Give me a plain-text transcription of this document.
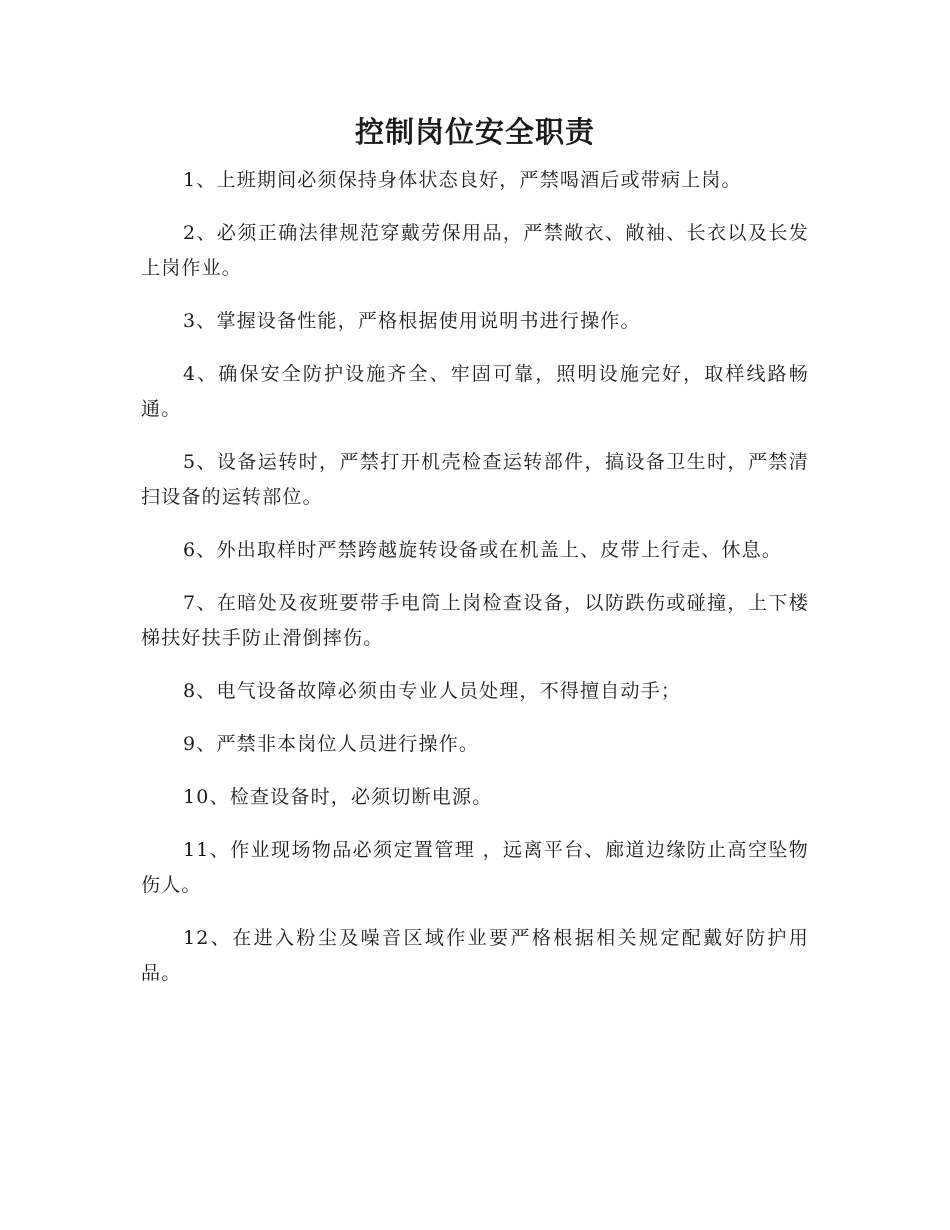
控制岗位安全职责

1、上班期间必须保持身体状态良好，严禁喝酒后或带病上岗。

2、必须正确法律规范穿戴劳保用品，严禁敞衣、敞袖、长衣以及长发上岗作业。

3、掌握设备性能，严格根据使用说明书进行操作。

4、确保安全防护设施齐全、牢固可靠，照明设施完好，取样线路畅通。

5、设备运转时，严禁打开机壳检查运转部件，搞设备卫生时，严禁清扫设备的运转部位。

6、外出取样时严禁跨越旋转设备或在机盖上、皮带上行走、休息。

7、在暗处及夜班要带手电筒上岗检查设备，以防跌伤或碰撞，上下楼梯扶好扶手防止滑倒摔伤。

8、电气设备故障必须由专业人员处理，不得擅自动手；

9、严禁非本岗位人员进行操作。

10、检查设备时，必须切断电源。

11、作业现场物品必须定置管理 ，远离平台、廊道边缘防止高空坠物伤人。

12、在进入粉尘及噪音区域作业要严格根据相关规定配戴好防护用品。
